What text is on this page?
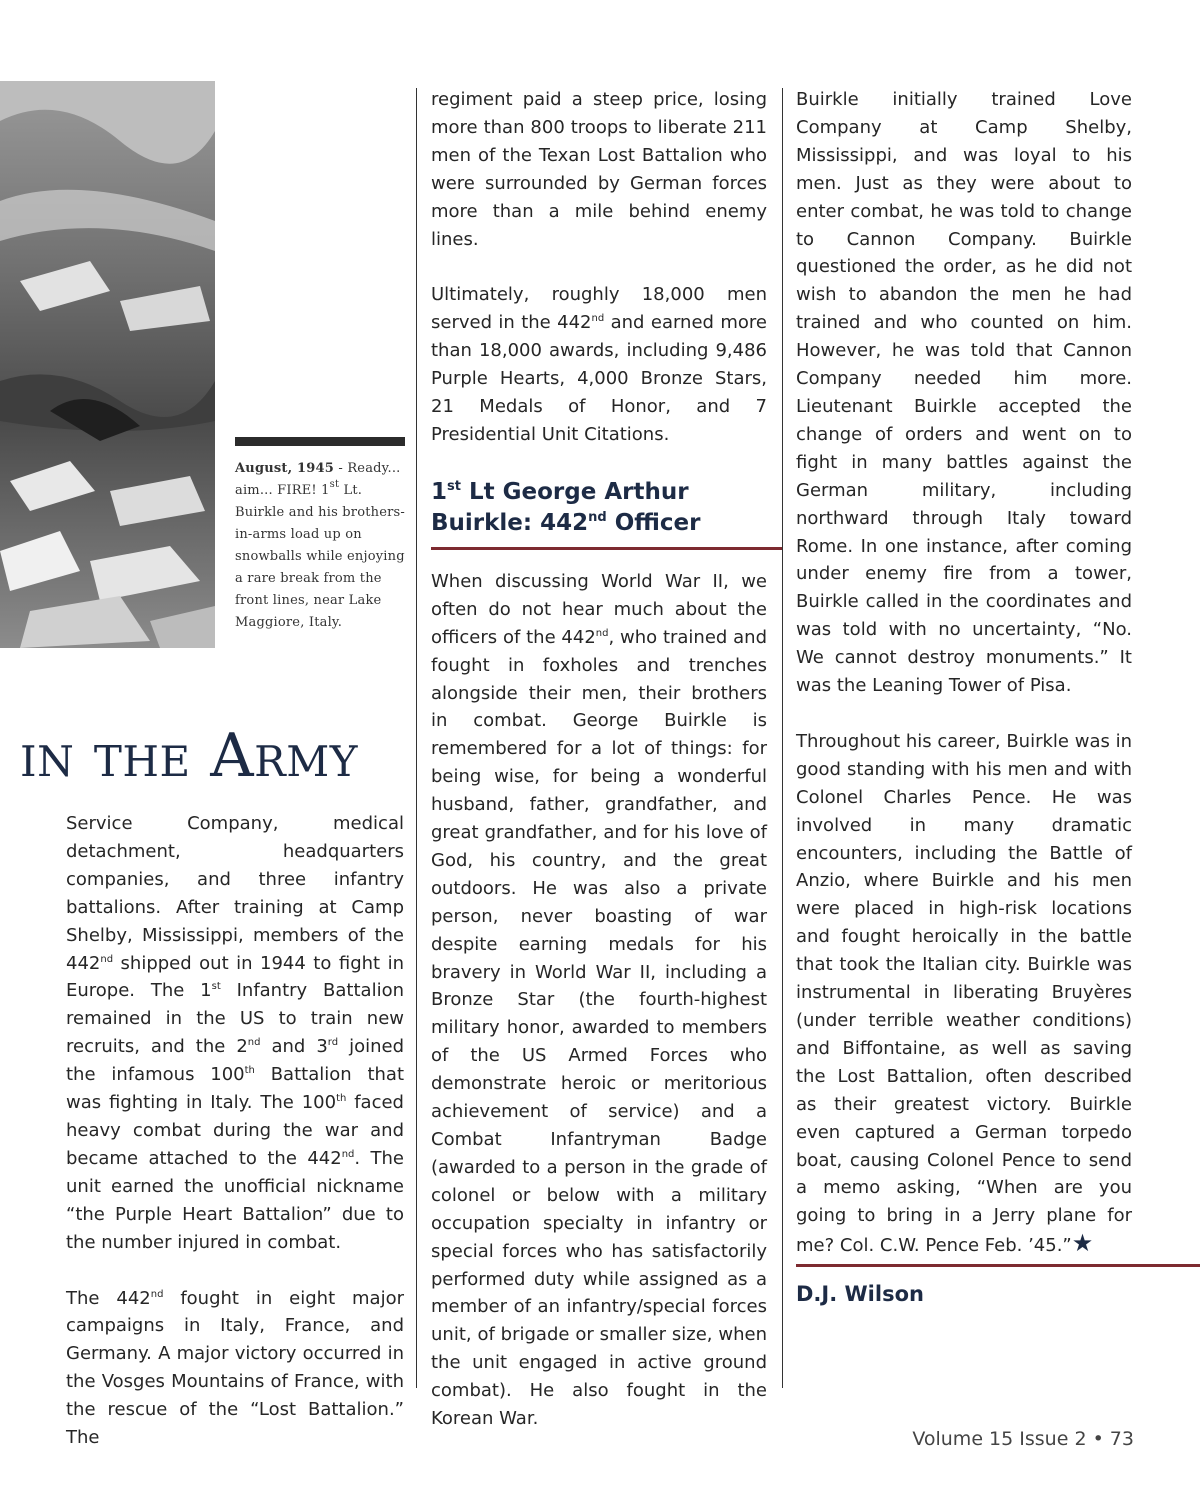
August, 1945 - Ready... aim... FIRE! 1st Lt. Buirkle and his brothers-in-arms load up on snowballs while enjoying a rare break from the front lines, near Lake Maggiore, Italy.
in the Army

Service Company, medical detachment, headquarters companies, and three infantry battalions. After training at Camp Shelby, Mississippi, members of the 442nd shipped out in 1944 to fight in Europe. The 1st Infantry Battalion remained in the US to train new recruits, and the 2nd and 3rd joined the infamous 100th Battalion that was fighting in Italy. The 100th faced heavy combat during the war and became attached to the 442nd. The unit earned the unofficial nickname “the Purple Heart Battalion” due to the number injured in combat.

The 442nd fought in eight major campaigns in Italy, France, and Germany. A major victory occurred in the Vosges Mountains of France, with the rescue of the “Lost Battalion.” The

regiment paid a steep price, losing more than 800 troops to liberate 211 men of the Texan Lost Battalion who were surrounded by German forces more than a mile behind enemy lines.

Ultimately, roughly 18,000 men served in the 442nd and earned more than 18,000 awards, including 9,486 Purple Hearts, 4,000 Bronze Stars, 21 Medals of Honor, and 7 Presidential Unit Citations.

1st Lt George Arthur Buirkle: 442nd Officer

When discussing World War II, we often do not hear much about the officers of the 442nd, who trained and fought in foxholes and trenches alongside their men, their brothers in combat. George Buirkle is remembered for a lot of things: for being wise, for being a wonderful husband, father, grandfather, and great grandfather, and for his love of God, his country, and the great outdoors. He was also a private person, never boasting of war despite earning medals for his bravery in World War II, including a Bronze Star (the fourth-highest military honor, awarded to members of the US Armed Forces who demonstrate heroic or meritorious achievement of service) and a Combat Infantryman Badge (awarded to a person in the grade of colonel or below with a military occupation specialty in infantry or special forces who has satisfactorily performed duty while assigned as a member of an infantry/special forces unit, of brigade or smaller size, when the unit engaged in active ground combat). He also fought in the Korean War.

Buirkle initially trained Love Company at Camp Shelby, Mississippi, and was loyal to his men. Just as they were about to enter combat, he was told to change to Cannon Company. Buirkle questioned the order, as he did not wish to abandon the men he had trained and who counted on him. However, he was told that Cannon Company needed him more. Lieutenant Buirkle accepted the change of orders and went on to fight in many battles against the German military, including northward through Italy toward Rome. In one instance, after coming under enemy fire from a tower, Buirkle called in the coordinates and was told with no uncertainty, “No. We cannot destroy monuments.” It was the Leaning Tower of Pisa.

Throughout his career, Buirkle was in good standing with his men and with Colonel Charles Pence. He was involved in many dramatic encounters, including the Battle of Anzio, where Buirkle and his men were placed in high-risk locations and fought heroically in the battle that took the Italian city. Buirkle was instrumental in liberating Bruyères (under terrible weather conditions) and Biffontaine, as well as saving the Lost Battalion, often described as their greatest victory. Buirkle even captured a German torpedo boat, causing Colonel Pence to send a memo asking, “When are you going to bring in a Jerry plane for me? Col. C.W. Pence Feb. ’45.”★

D.J. Wilson
Volume 15 Issue 2 • 73
